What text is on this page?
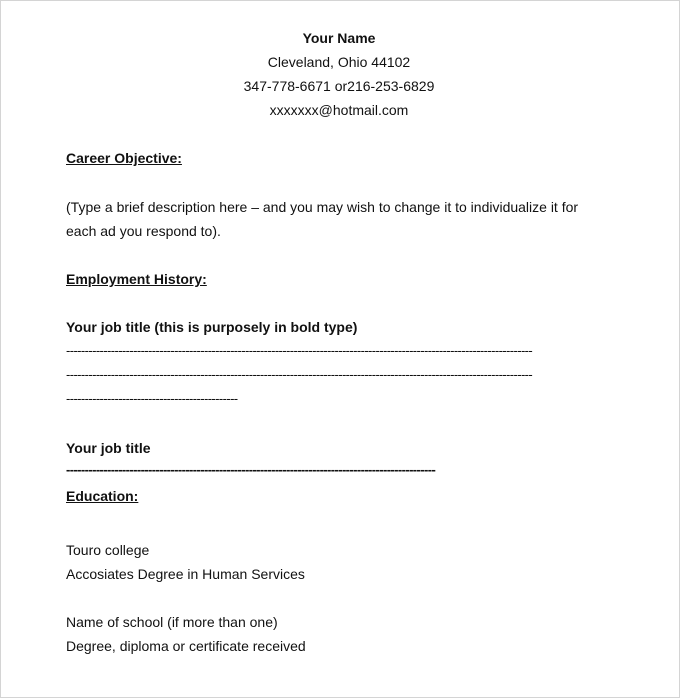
Your Name
Cleveland, Ohio 44102
347-778-6671 or216-253-6829
xxxxxxx@hotmail.com
Career Objective:
(Type a brief description here – and you may wish to change it to individualize it for
each ad you respond to).
Employment History:
Your job title (this is purposely in bold type)
-----------------------------------------------------------------------------------------------------------------------------
-----------------------------------------------------------------------------------------------------------------------------
----------------------------------------------
Your job title
---------------------------------------------------------------------------------------------------
Education:
Touro college
Accosiates Degree in Human Services
Name of school (if more than one)
Degree, diploma or certificate received
